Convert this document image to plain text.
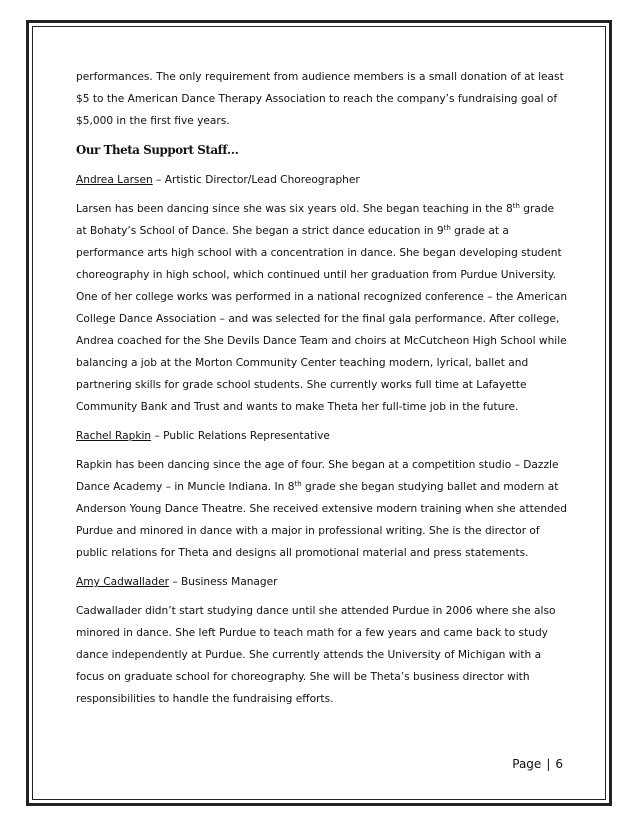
performances. The only requirement from audience members is a small donation of at least $5 to the American Dance Therapy Association to reach the company’s fundraising goal of $5,000 in the first five years.

Our Theta Support Staff…

Andrea Larsen – Artistic Director/Lead Choreographer

Larsen has been dancing since she was six years old. She began teaching in the 8th grade at Bohaty’s School of Dance. She began a strict dance education in 9th grade at a performance arts high school with a concentration in dance. She began developing student choreography in high school, which continued until her graduation from Purdue University. One of her college works was performed in a national recognized conference – the American College Dance Association – and was selected for the final gala performance. After college, Andrea coached for the She Devils Dance Team and choirs at McCutcheon High School while balancing a job at the Morton Community Center teaching modern, lyrical, ballet and partnering skills for grade school students. She currently works full time at Lafayette Community Bank and Trust and wants to make Theta her full-time job in the future.

Rachel Rapkin – Public Relations Representative

Rapkin has been dancing since the age of four. She began at a competition studio – Dazzle Dance Academy – in Muncie Indiana. In 8th grade she began studying ballet and modern at Anderson Young Dance Theatre. She received extensive modern training when she attended Purdue and minored in dance with a major in professional writing. She is the director of public relations for Theta and designs all promotional material and press statements.

Amy Cadwallader – Business Manager

Cadwallader didn’t start studying dance until she attended Purdue in 2006 where she also minored in dance. She left Purdue to teach math for a few years and came back to study dance independently at Purdue. She currently attends the University of Michigan with a focus on graduate school for choreography. She will be Theta’s business director with responsibilities to handle the fundraising efforts.

Page | 6
